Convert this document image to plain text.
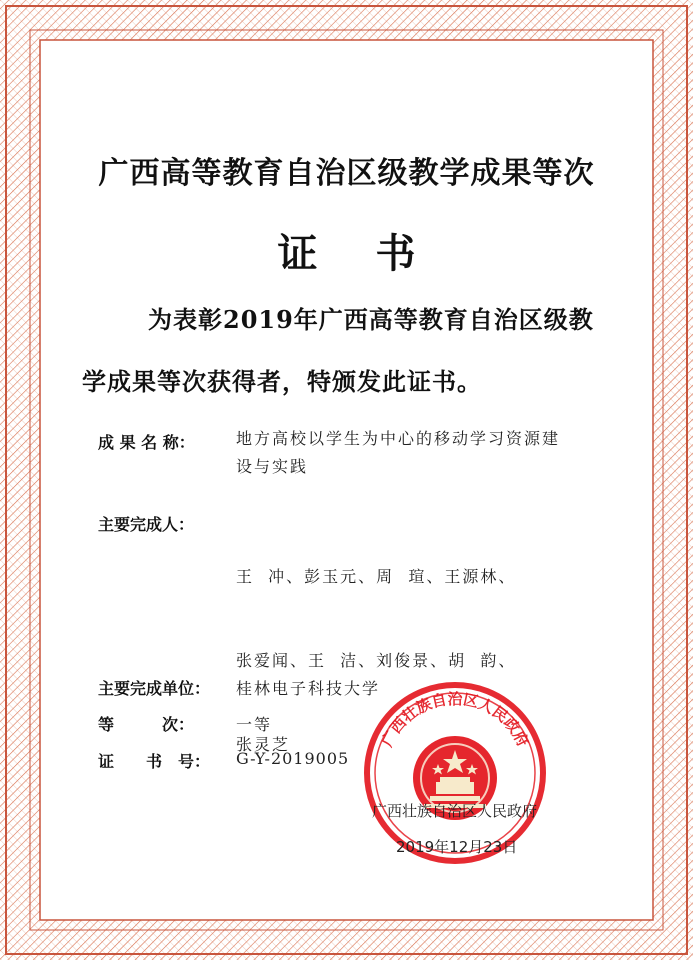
广西高等教育自治区级教学成果等次
证 书
为表彰2019年广西高等教育自治区级教
学成果等次获得者，特颁发此证书。
成 果 名 称：	地方高校以学生为中心的移动学习资源建
设与实践
主要完成人：

王  冲、彭玉元、周  瑄、王源林、

张爱闻、王  洁、刘俊景、胡  韵、

张灵芝

主要完成单位： 桂林电子科技大学
等　　　次：	一等
证　　书　号： G-Y-2019005
广西壮族自治区人民政府
广西壮族自治区人民政府
2019年12月23日
